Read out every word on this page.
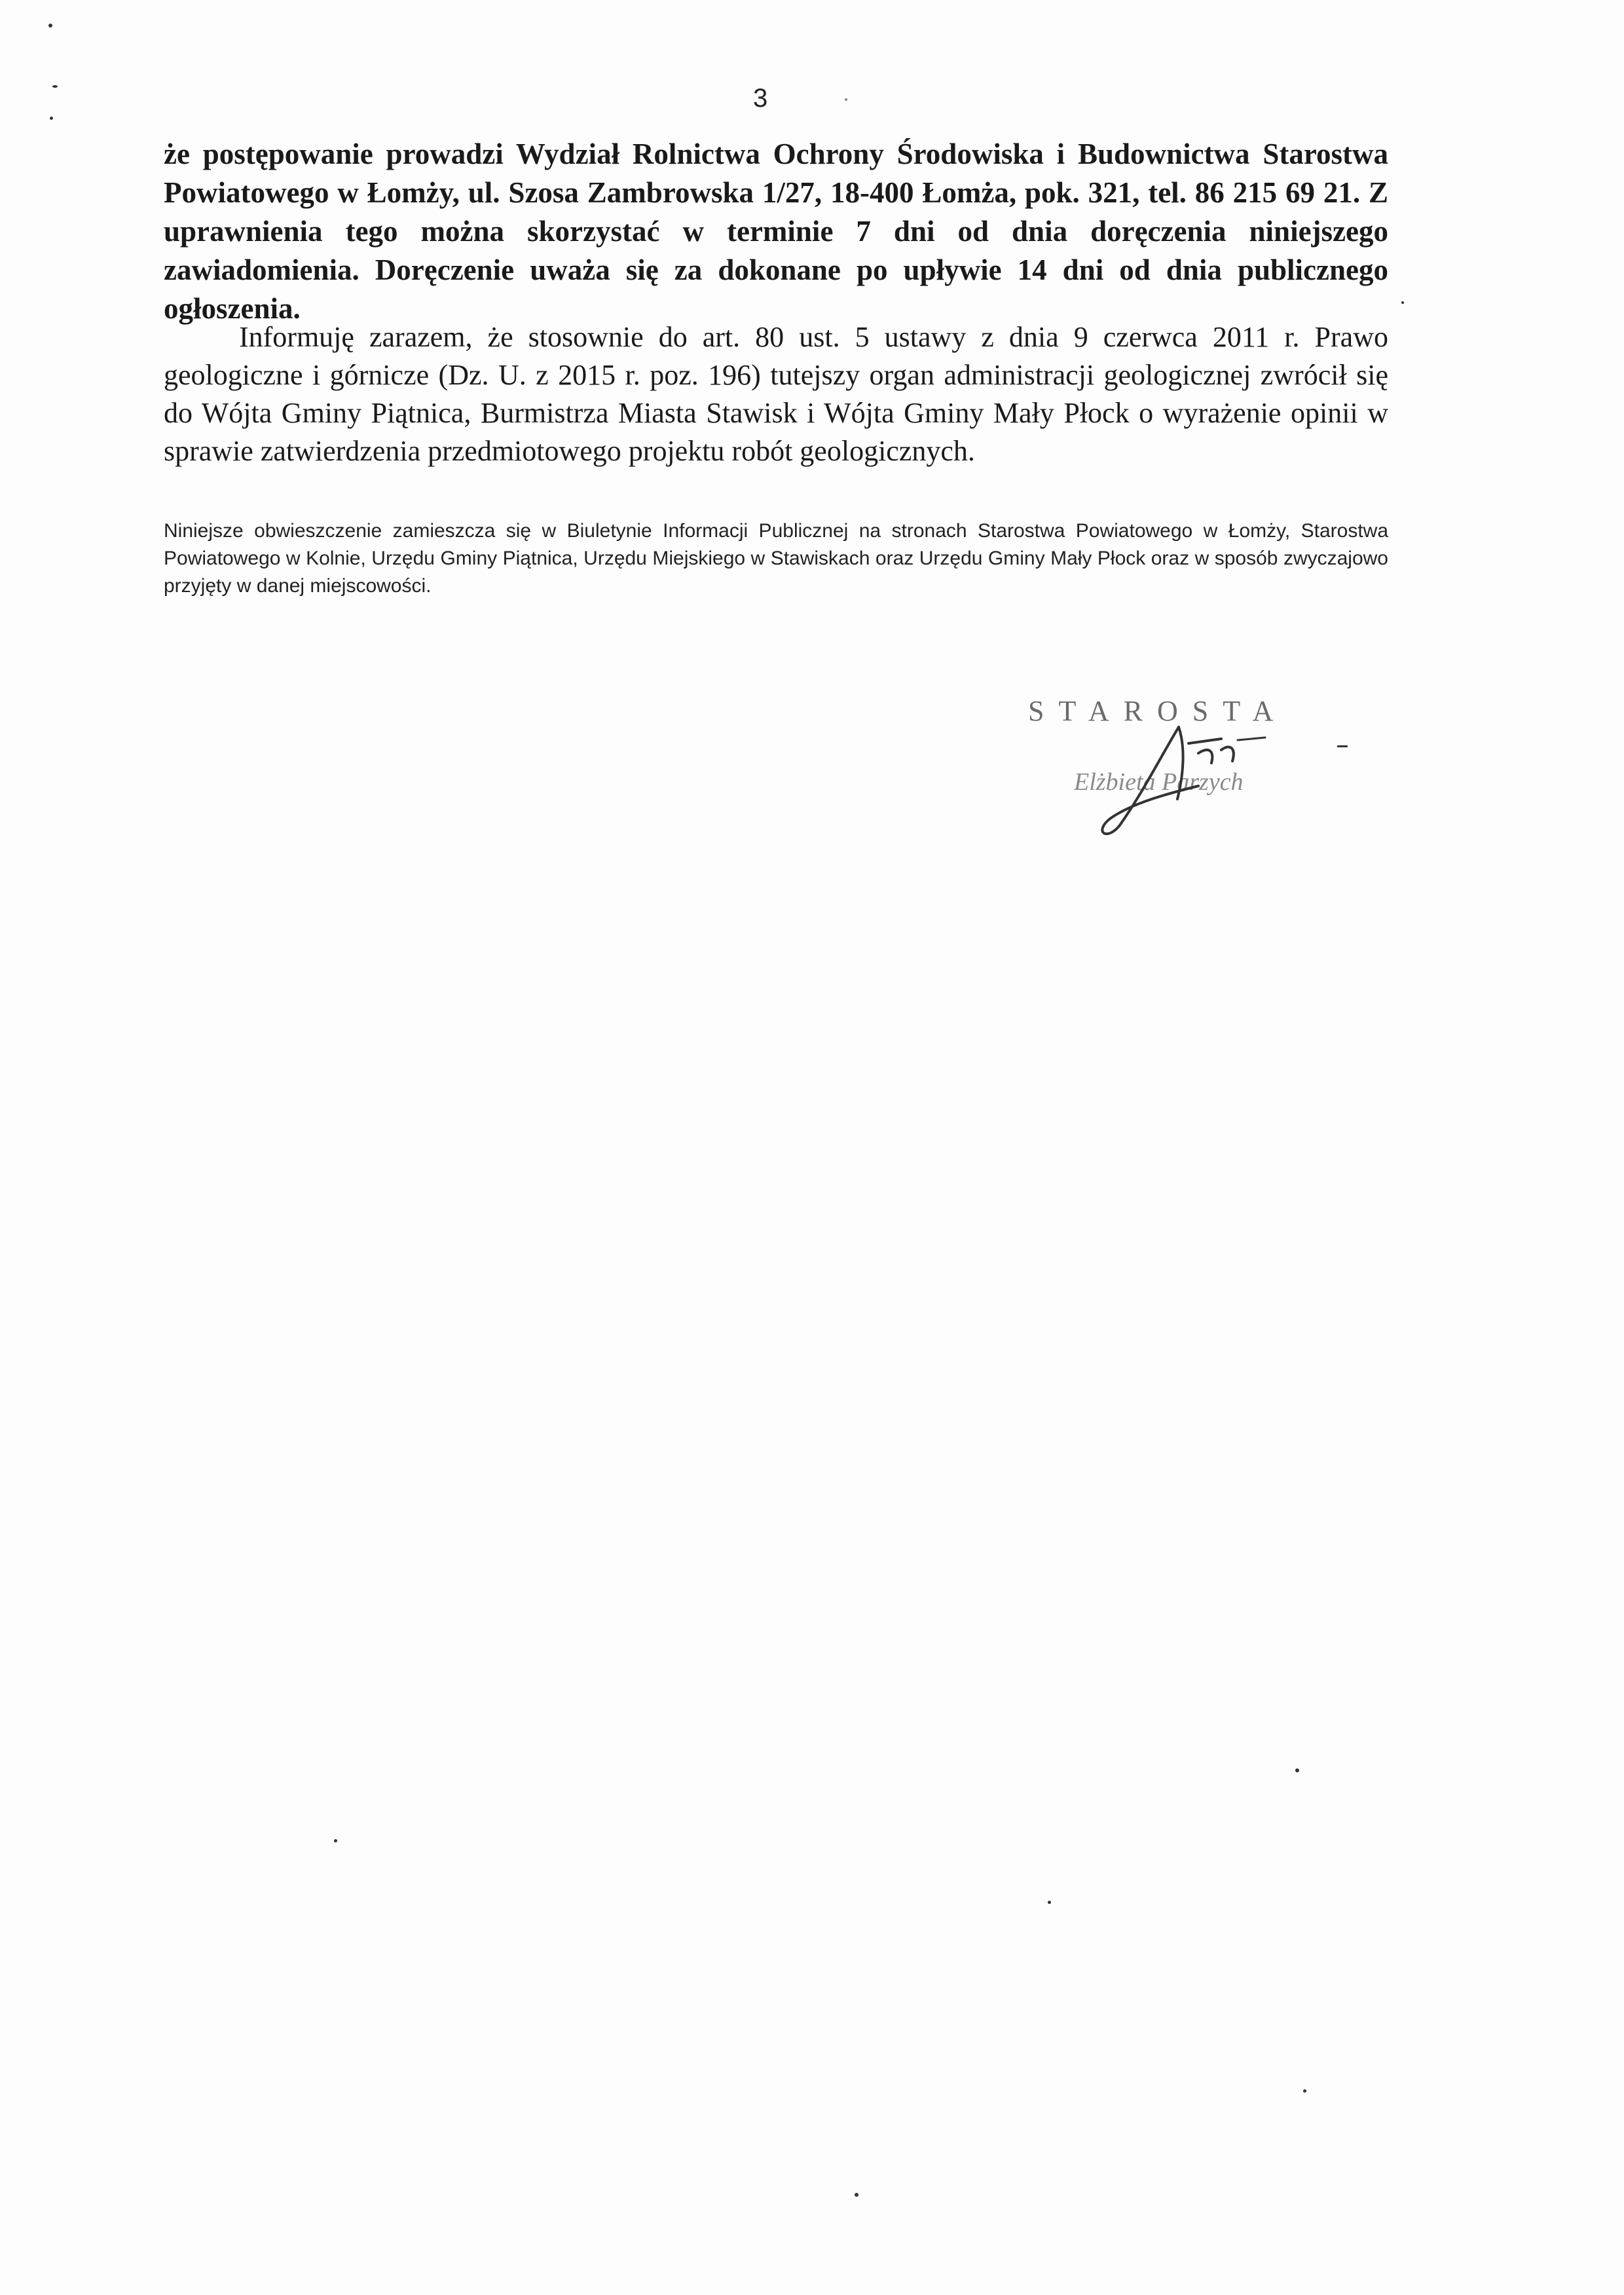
3

że postępowanie prowadzi Wydział Rolnictwa Ochrony Środowiska i Budownictwa Starostwa Powiatowego w Łomży, ul. Szosa Zambrowska 1/27, 18-400 Łomża, pok. 321, tel. 86 215 69 21. Z uprawnienia tego można skorzystać w terminie 7 dni od dnia doręczenia niniejszego zawiadomienia. Doręczenie uważa się za dokonane po upływie 14 dni od dnia publicznego ogłoszenia.

Informuję zarazem, że stosownie do art. 80 ust. 5 ustawy z dnia 9 czerwca 2011 r. Prawo geologiczne i górnicze (Dz. U. z 2015 r. poz. 196) tutejszy organ administracji geologicznej zwrócił się do Wójta Gminy Piątnica, Burmistrza Miasta Stawisk i Wójta Gminy Mały Płock o wyrażenie opinii w sprawie zatwierdzenia przedmiotowego projektu robót geologicznych.

Niniejsze obwieszczenie zamieszcza się w Biuletynie Informacji Publicznej na stronach Starostwa Powiatowego w Łomży, Starostwa Powiatowego w Kolnie, Urzędu Gminy Piątnica, Urzędu Miejskiego w Stawiskach oraz Urzędu Gminy Mały Płock oraz w sposób zwyczajowo przyjęty w danej miejscowości.

STAROSTA
Elżbieta Parzych
